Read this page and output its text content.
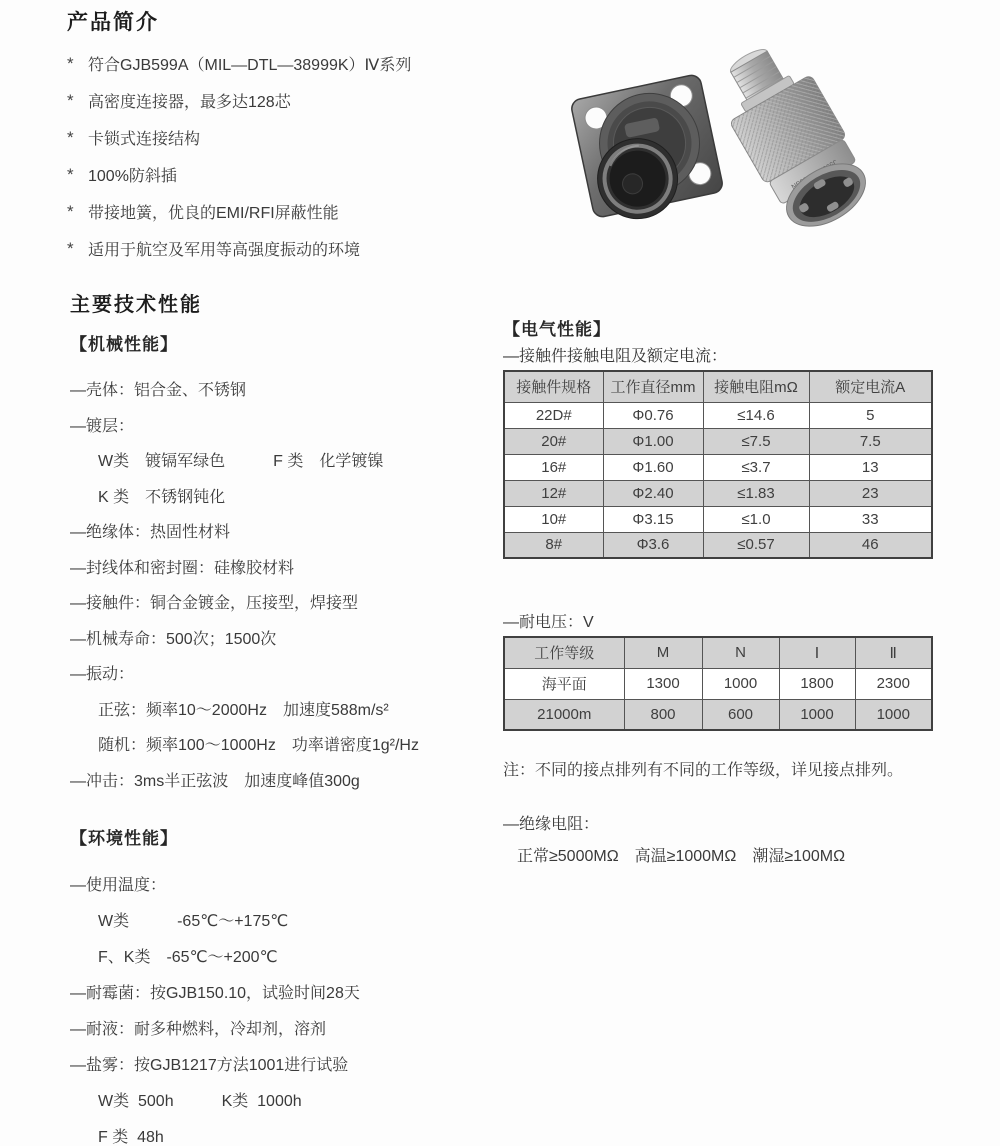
产品简介
* 符合GJB599A（MIL—DTL—38999K）Ⅳ系列
* 高密度连接器，最多达128芯
* 卡锁式连接结构
* 100%防斜插
* 带接地簧，优良的EMI/RFI屏蔽性能
* 适用于航空及军用等高强度振动的环境
主要技术性能
【机械性能】
—壳体：铝合金、不锈钢
—镀层：
W类　镀镉军绿色　　　F 类　化学镀镍
K 类　不锈钢钝化
—绝缘体：热固性材料
—封线体和密封圈：硅橡胶材料
—接触件：铜合金镀金，压接型，焊接型
—机械寿命：500次；1500次
—振动：
正弦：频率10～2000Hz　加速度588m/s²
随机：频率100～1000Hz　功率谱密度1g²/Hz
—冲击：3ms半正弦波　加速度峰值300g
【环境性能】
—使用温度：
W类　　　-65℃～+175℃
F、K类　-65℃～+200℃
—耐霉菌：按GJB150.10，试验时间28天
—耐液：耐多种燃料，冷却剂，溶剂
—盐雾：按GJB1217方法1001进行试验
W类  500h　　　K类  1000h
F 类  48h
【电气性能】
—接触件接触电阻及额定电流：
接触件规格	工作直径mm	接触电阻mΩ	额定电流A
22D#	Φ0.76	≤14.6	5
20#	Φ1.00	≤7.5	7.5
16#	Φ1.60	≤3.7	13
12#	Φ2.40	≤1.83	23
10#	Φ3.15	≤1.0	33
8#	Φ3.6	≤0.57	46
—耐电压：V
工作等级	M	N	Ⅰ	Ⅱ
海平面	1300	1000	1800	2300
21000m	800	600	1000	1000
注：不同的接点排列有不同的工作等级，详见接点排列。
—绝缘电阻：
正常≥5000MΩ　高温≥1000MΩ　潮湿≥100MΩ
